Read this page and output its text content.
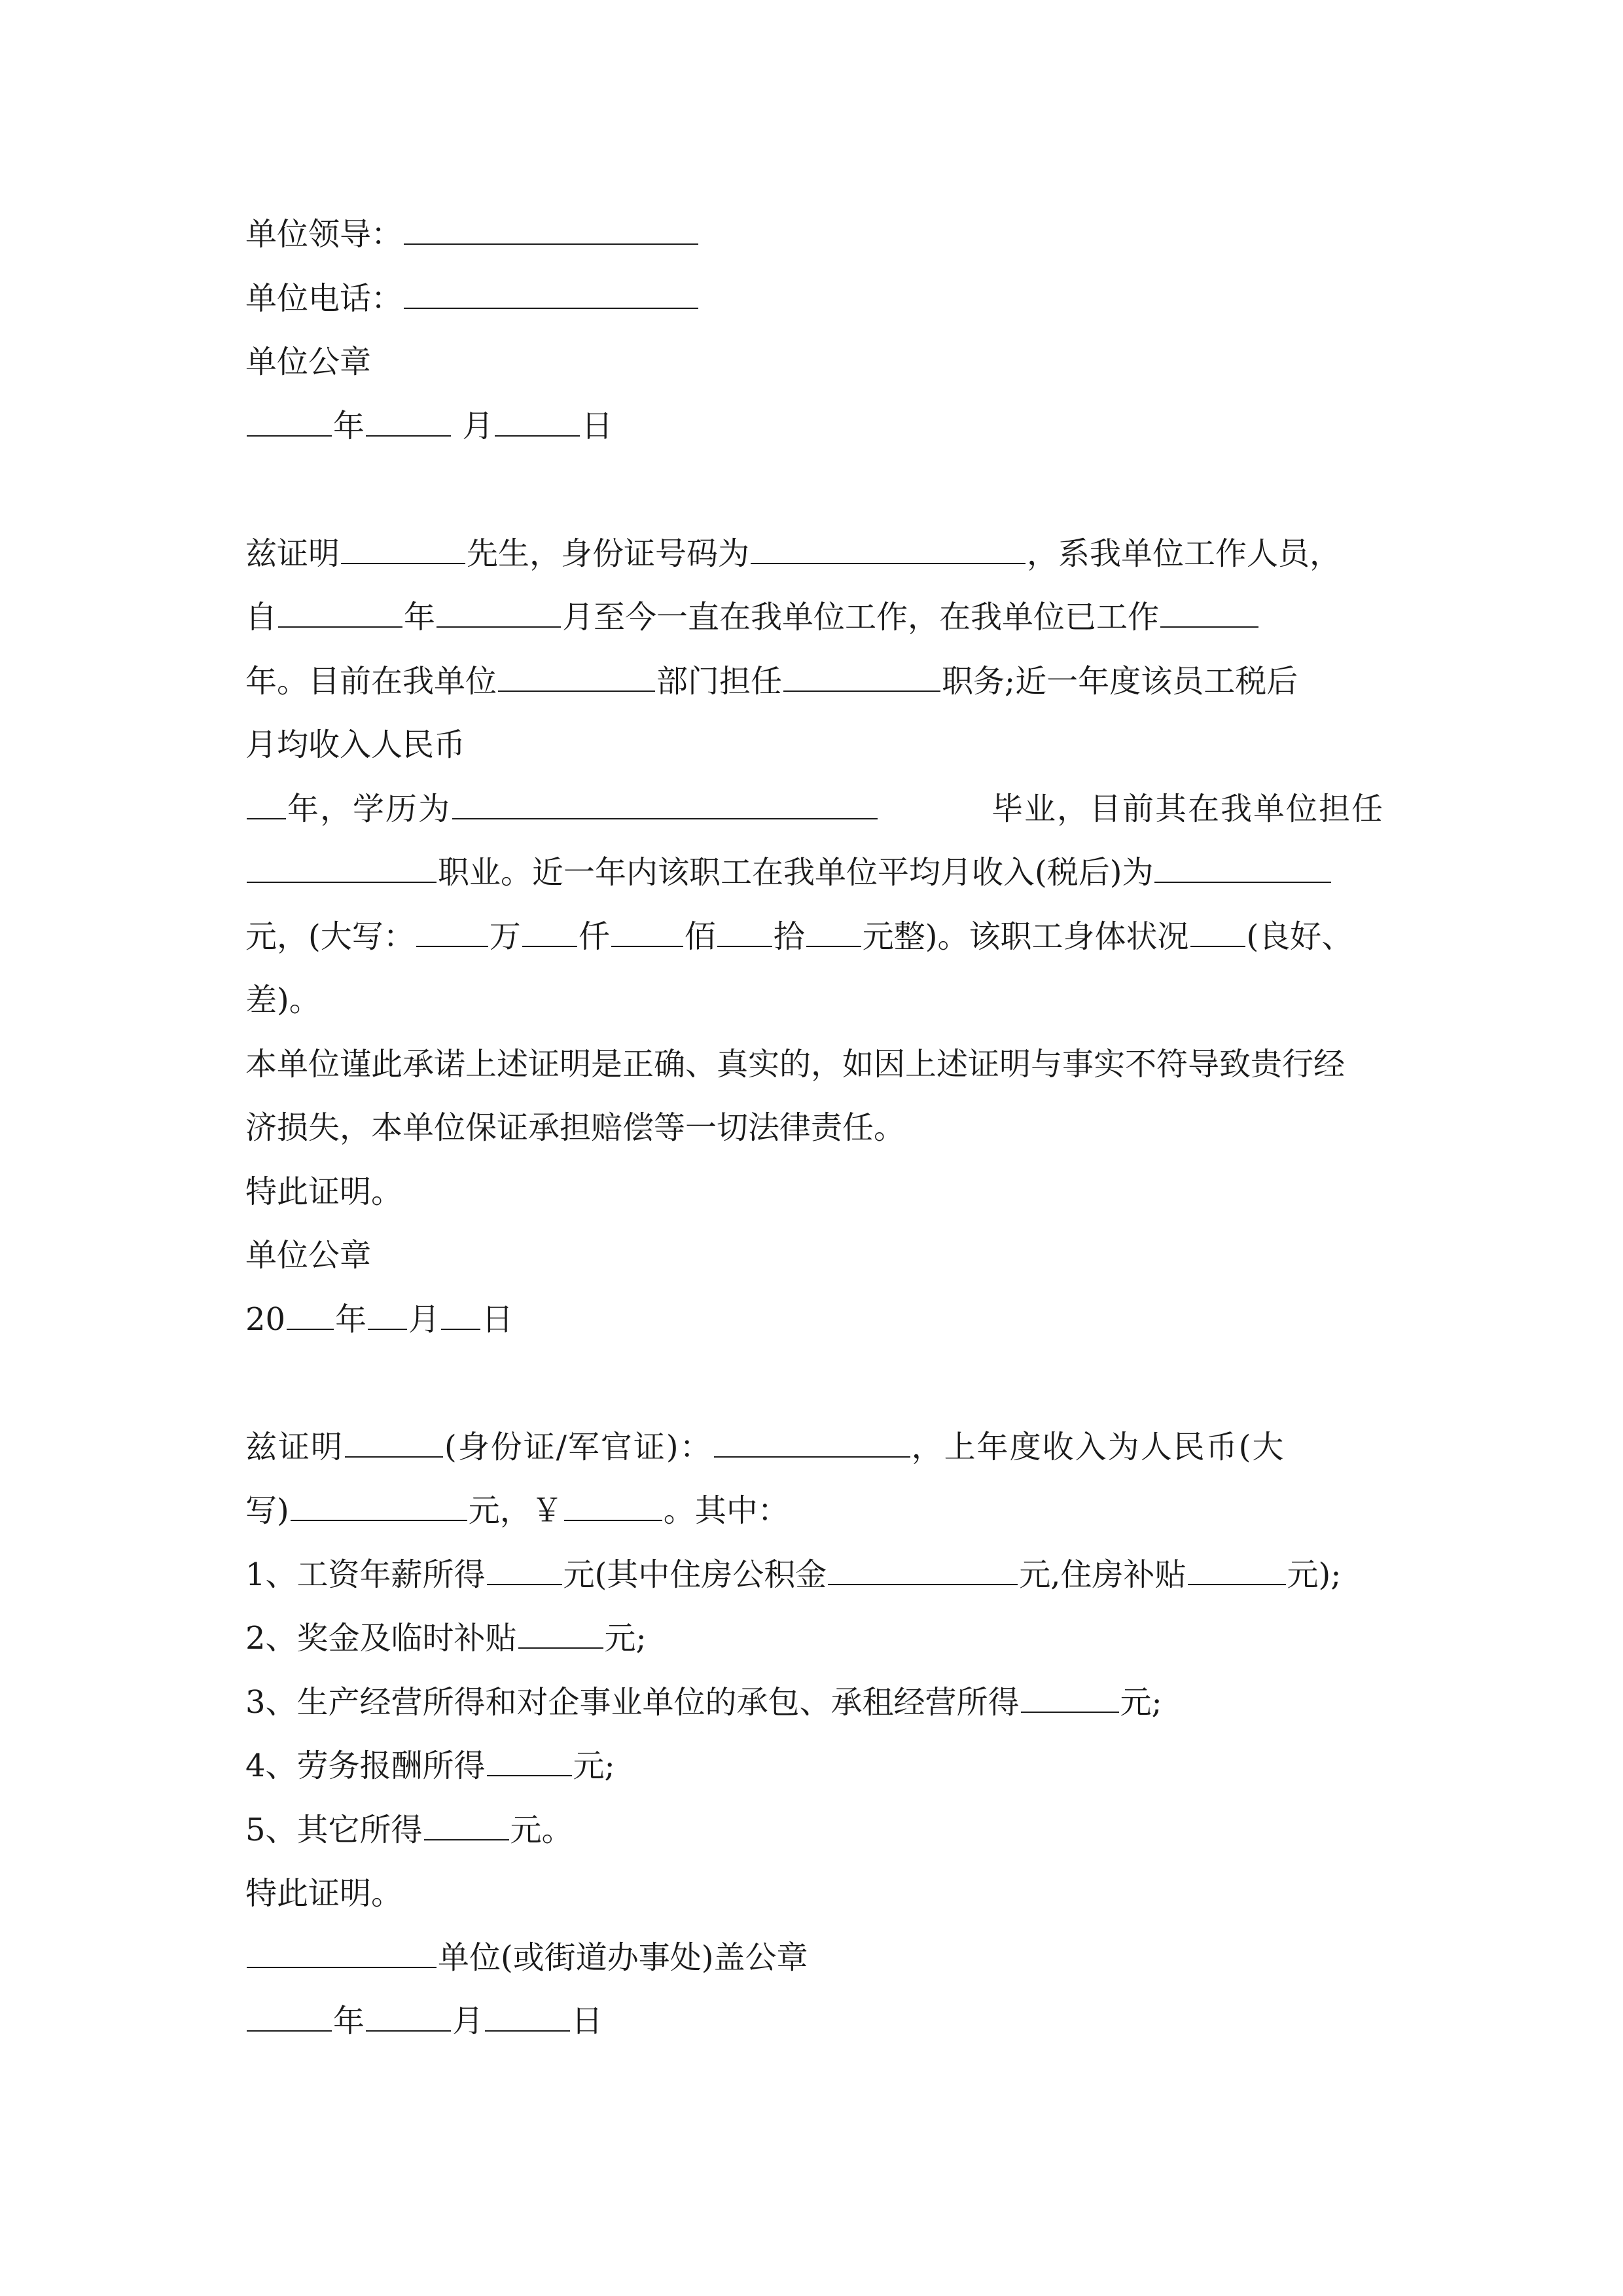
单位领导：
单位电话：
单位公章
年	月	日
兹证明	先生，身份证号码为	，系我单位工作人员，
自	年	月至今一直在我单位工作，在我单位已工作
年。目前在我单位	部门担任	职务;近一年度该员工税后
月均收入人民币
年，学历为	毕业，目前其在我单位担任
职业。近一年内该职工在我单位平均月收入(税后)为
元，(大写： 万 仟 佰 拾 元整)。该职工身体状况 (良好、
差)。
本单位谨此承诺上述证明是正确、真实的，如因上述证明与事实不符导致贵行经
济损失，本单位保证承担赔偿等一切法律责任。
特此证明。
单位公章
20 年 月 日
兹证明	(身份证/军官证)：	，上年度收入为人民币(大
写)	元，￥	。其中：
1、工资年薪所得 元(其中住房公积金	元,住房补贴	元);
2、奖金及临时补贴	元;
3、生产经营所得和对企事业单位的承包、承租经营所得	元;
4、劳务报酬所得	元;
5、其它所得	元。
特此证明。
单位(或街道办事处)盖公章
年	月	日
